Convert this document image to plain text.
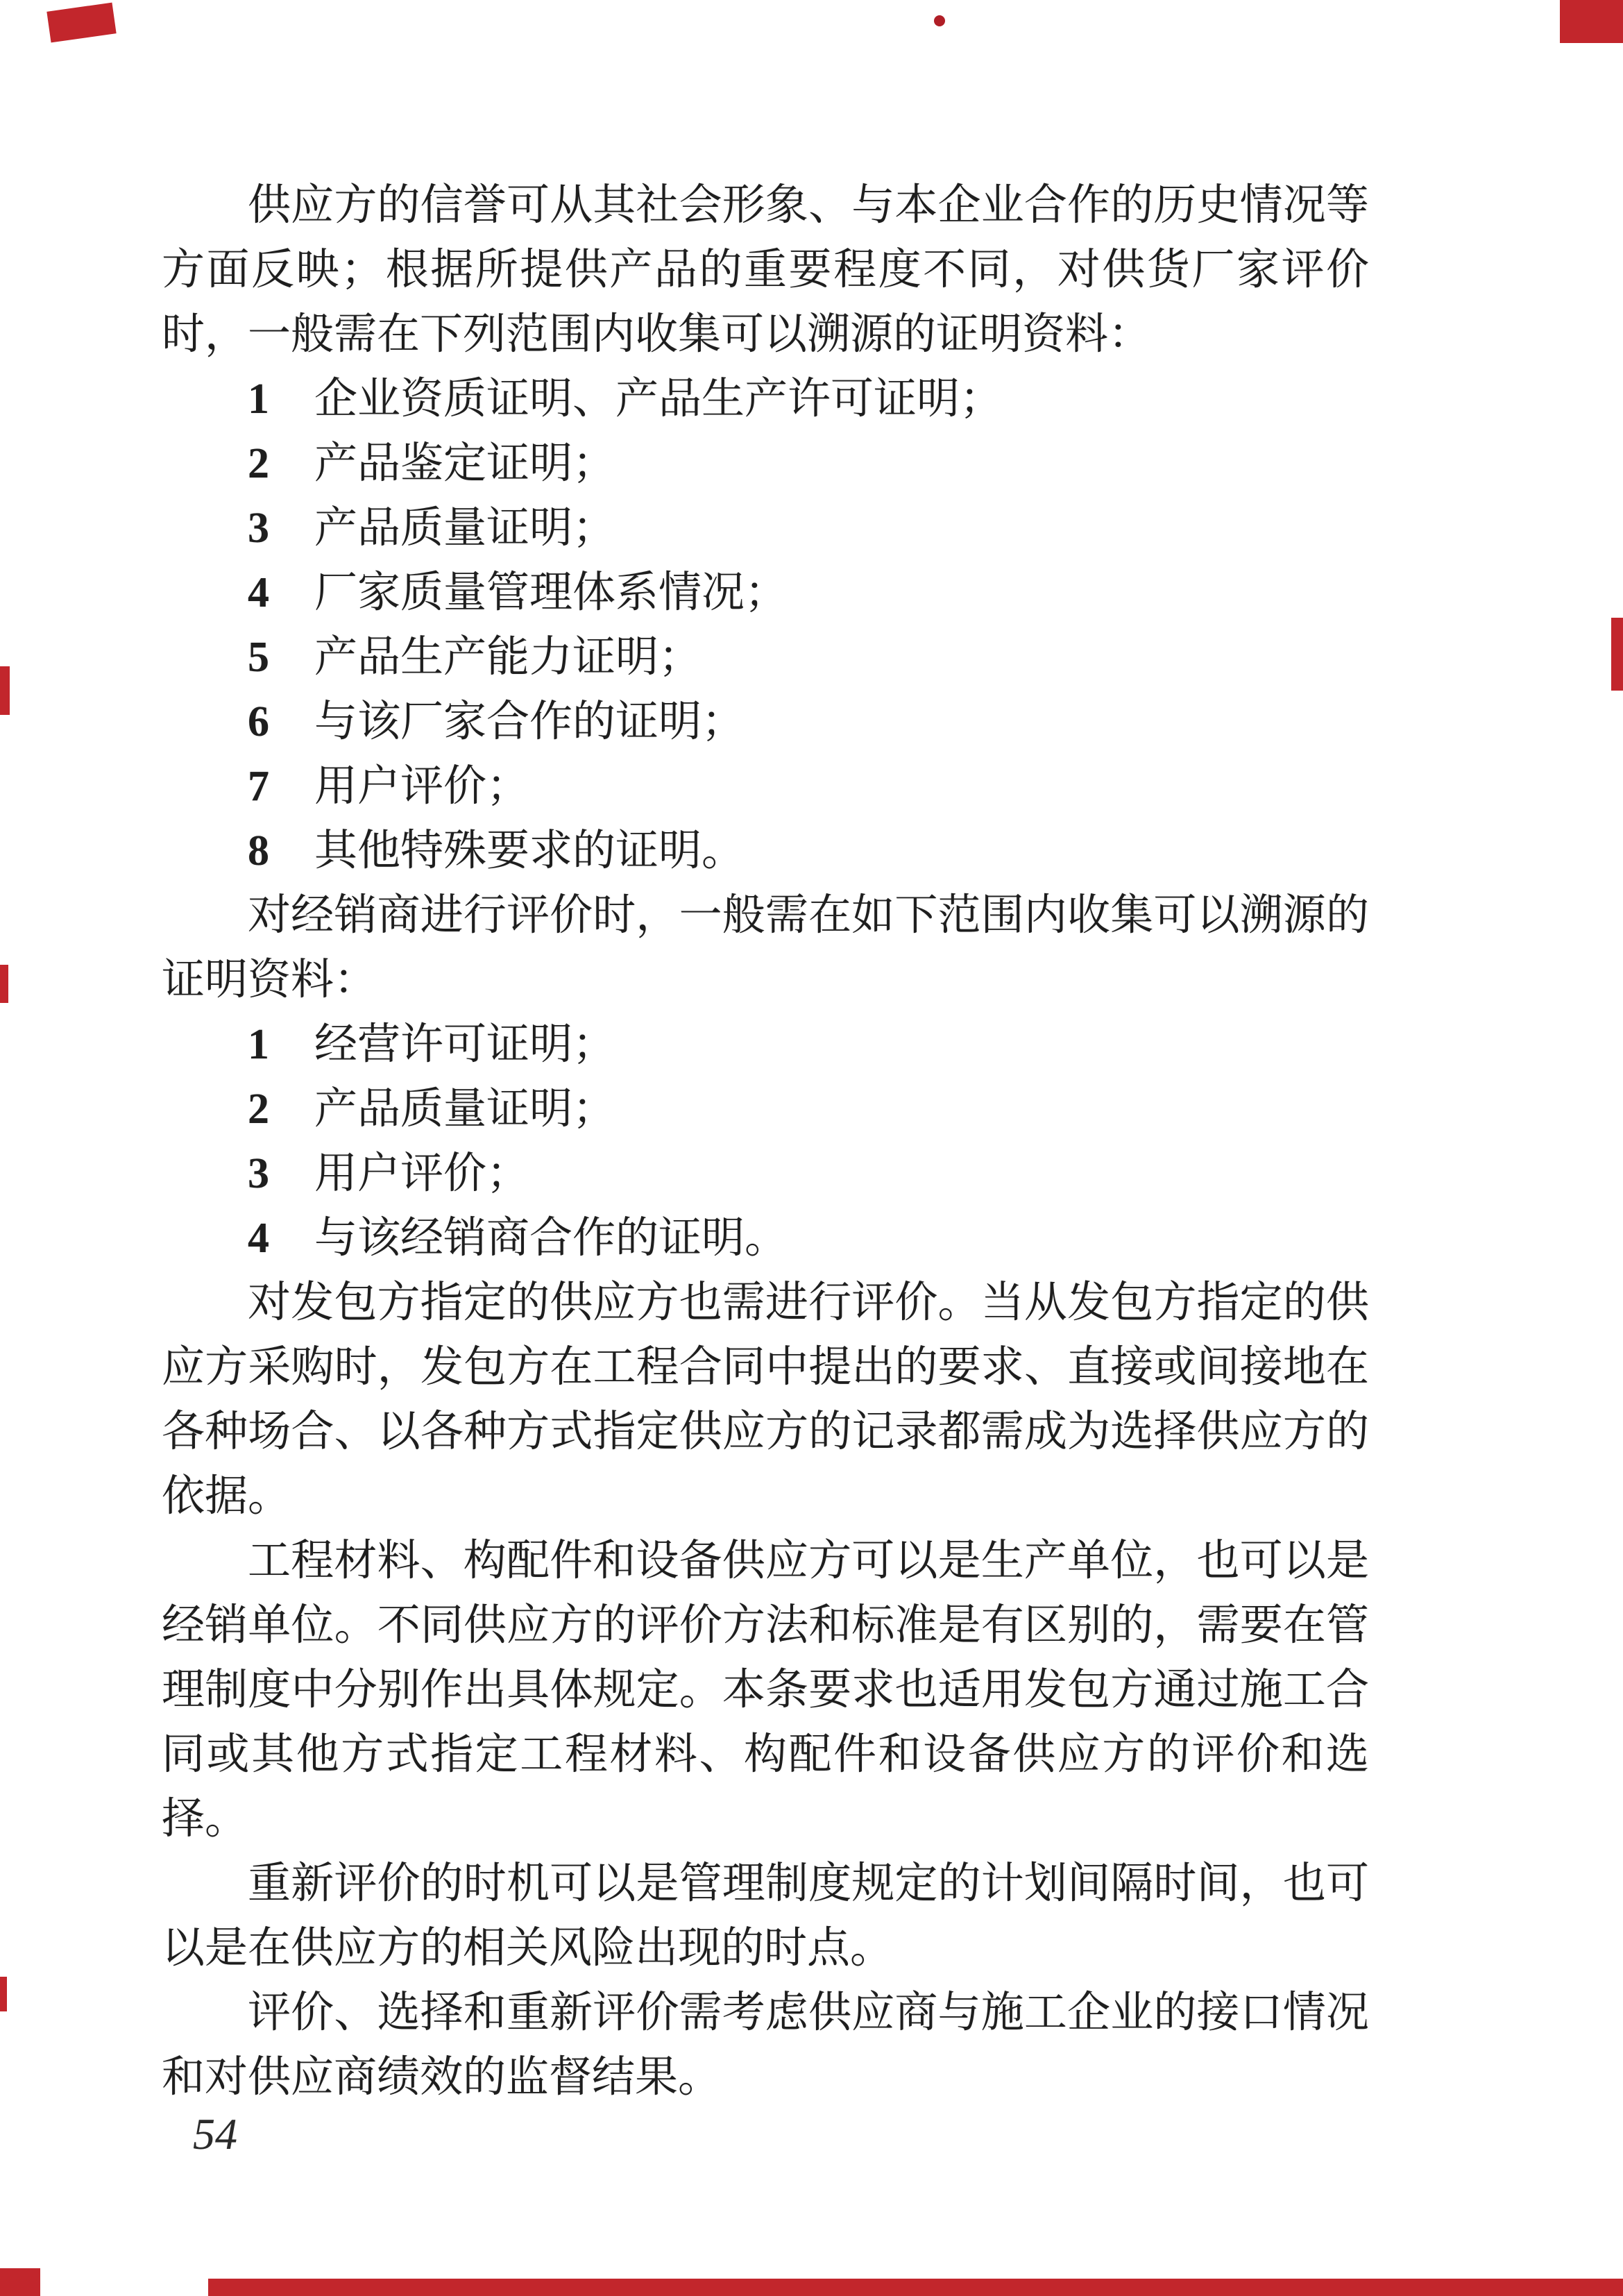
供应方的信誉可从其社会形象、与本企业合作的历史情况等方面反映；根据所提供产品的重要程度不同，对供货厂家评价时，一般需在下列范围内收集可以溯源的证明资料：

1 企业资质证明、产品生产许可证明；
2 产品鉴定证明；
3 产品质量证明；
4 厂家质量管理体系情况；
5 产品生产能力证明；
6 与该厂家合作的证明；
7 用户评价；
8 其他特殊要求的证明。

对经销商进行评价时，一般需在如下范围内收集可以溯源的证明资料：

1 经营许可证明；
2 产品质量证明；
3 用户评价；
4 与该经销商合作的证明。

对发包方指定的供应方也需进行评价。当从发包方指定的供应方采购时，发包方在工程合同中提出的要求、直接或间接地在各种场合、以各种方式指定供应方的记录都需成为选择供应方的依据。

工程材料、构配件和设备供应方可以是生产单位，也可以是经销单位。不同供应方的评价方法和标准是有区别的，需要在管理制度中分别作出具体规定。本条要求也适用发包方通过施工合同或其他方式指定工程材料、构配件和设备供应方的评价和选择。

重新评价的时机可以是管理制度规定的计划间隔时间，也可以是在供应方的相关风险出现的时点。

评价、选择和重新评价需考虑供应商与施工企业的接口情况和对供应商绩效的监督结果。

54
